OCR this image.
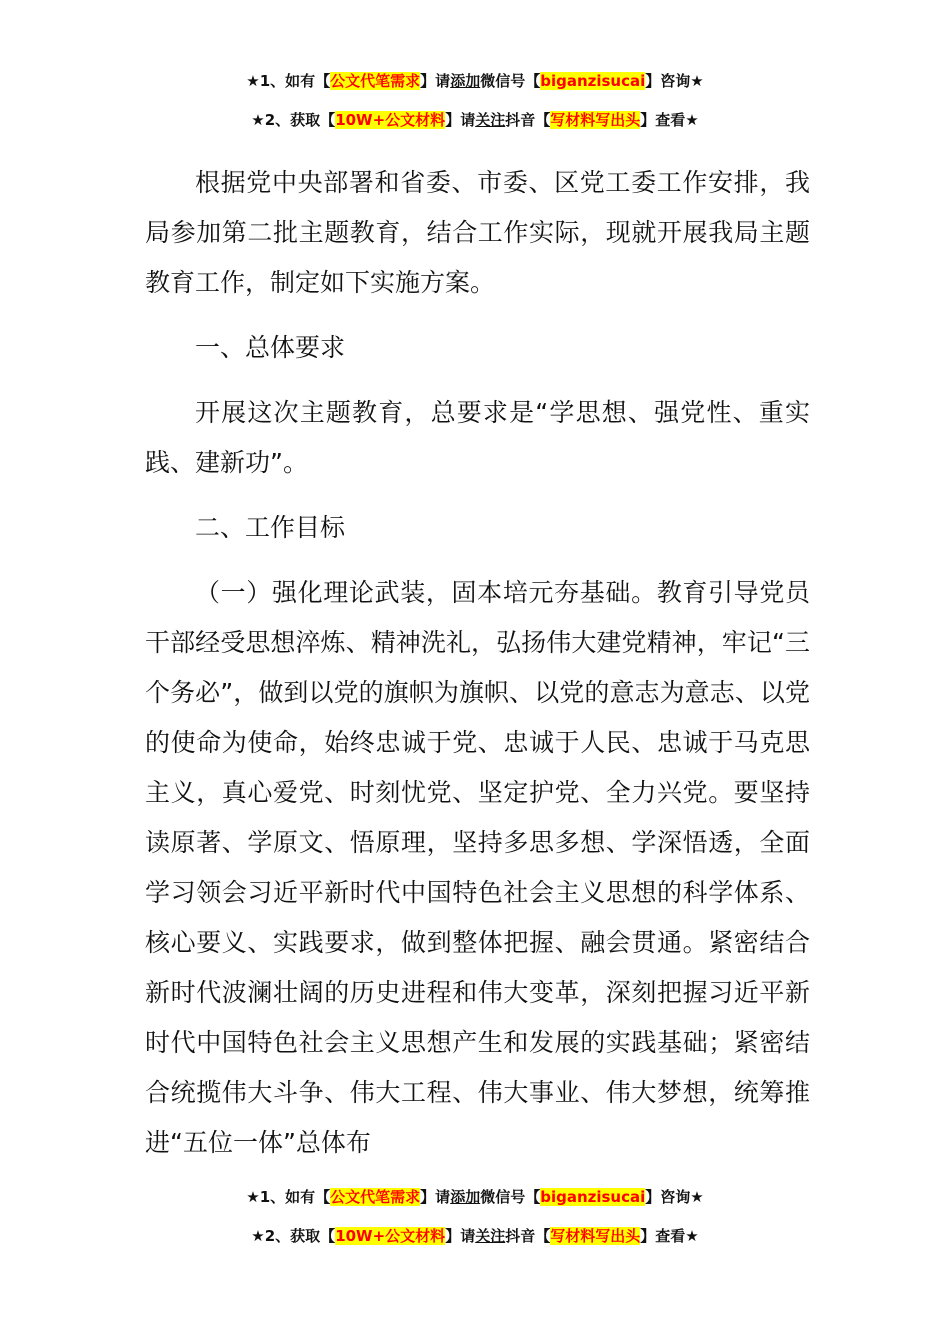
★1、如有【公文代笔需求】请添加微信号【biganzisucai】咨询★
★2、获取【10W+公文材料】请关注抖音【写材料写出头】查看★

根据党中央部署和省委、市委、区党工委工作安排，我局参加第二批主题教育，结合工作实际，现就开展我局主题教育工作，制定如下实施方案。

一、总体要求

开展这次主题教育，总要求是“学思想、强党性、重实践、建新功”。

二、工作目标

（一）强化理论武装，固本培元夯基础。教育引导党员干部经受思想淬炼、精神洗礼，弘扬伟大建党精神，牢记“三个务必”，做到以党的旗帜为旗帜、以党的意志为意志、以党的使命为使命，始终忠诚于党、忠诚于人民、忠诚于马克思主义，真心爱党、时刻忧党、坚定护党、全力兴党。要坚持读原著、学原文、悟原理，坚持多思多想、学深悟透，全面学习领会习近平新时代中国特色社会主义思想的科学体系、核心要义、实践要求，做到整体把握、融会贯通。紧密结合新时代波澜壮阔的历史进程和伟大变革，深刻把握习近平新时代中国特色社会主义思想产生和发展的实践基础；紧密结合统揽伟大斗争、伟大工程、伟大事业、伟大梦想，统筹推进“五位一体”总体布

★1、如有【公文代笔需求】请添加微信号【biganzisucai】咨询★
★2、获取【10W+公文材料】请关注抖音【写材料写出头】查看★
